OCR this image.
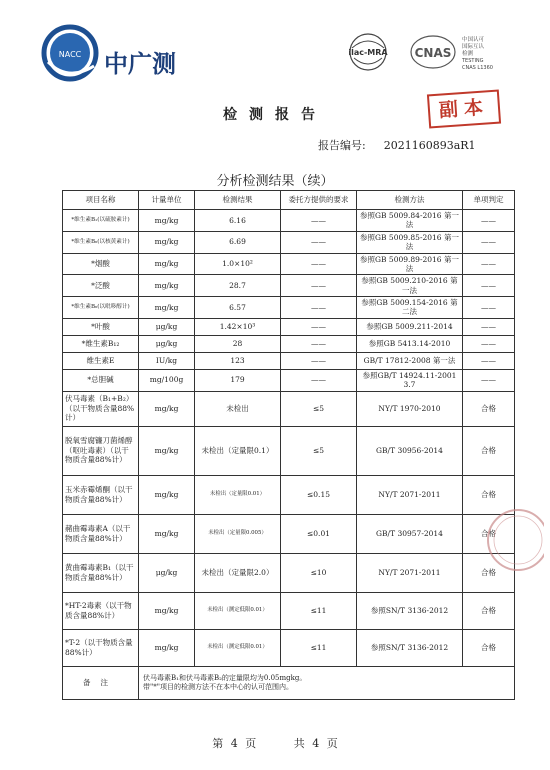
NACC 中广测	ilac-MRA CNAS
中国认可
国际互认
检测
TESTING
CNAS L1360
检测报告	副本
报告编号: 2021160893aR1
分析检测结果（续）
项目名称	计量单位	检测结果	委托方提供的要求	检测方法	单项判定
*维生素B₁(以硫胺素计)	mg/kg	6.16	——	参照GB 5009.84-2016 第一法	——
*维生素B₆(以核黄素计)	mg/kg	6.69	——	参照GB 5009.85-2016 第一法	——
*烟酸	mg/kg	1.0×10²	——	参照GB 5009.89-2016 第一法	——
*泛酸	mg/kg	28.7	——	参照GB 5009.210-2016 第一法	——
*维生素B₆(以吡哆醇计)	mg/kg	6.57	——	参照GB 5009.154-2016 第二法	——
*叶酸	μg/kg	1.42×10³	——	参照GB 5009.211-2014	——
*维生素B₁₂	μg/kg	28	——	参照GB 5413.14-2010	——
维生素E	IU/kg	123	——	GB/T 17812-2008 第一法	——
*总胆碱	mg/100g	179	——	参照GB/T 14924.11-2001 3.7	——
伏马毒素（B₁+B₂）（以干物质含量88%计）	mg/kg	未检出	≤5	NY/T 1970-2010	合格
脱氧雪腐镰刀菌烯醇（呕吐毒素）（以干物质含量88%计）	mg/kg	未检出（定量限0.1）	≤5	GB/T 30956-2014	合格
玉米赤霉烯酮（以干物质含量88%计）	mg/kg	未检出（定量限0.01）	≤0.15	NY/T 2071-2011	合格
赭曲霉毒素A（以干物质含量88%计）	mg/kg	未检出（定量限0.005）	≤0.01	GB/T 30957-2014	合格
黄曲霉毒素B₁（以干物质含量88%计）	μg/kg	未检出（定量限2.0）	≤10	NY/T 2071-2011	合格
*HT-2毒素（以干物质含量88%计）	mg/kg	未检出（测定低限0.01）	≤11	参照SN/T 3136-2012	合格
*T-2（以干物质含量88%计）	mg/kg	未检出（测定低限0.01）	≤11	参照SN/T 3136-2012	合格
备注	伏马毒素B₁和伏马毒素B₂的定量限均为0.05mgkg。
带"*"项目的检测方法不在本中心的认可范围内。				
第 4 页	共 4 页
